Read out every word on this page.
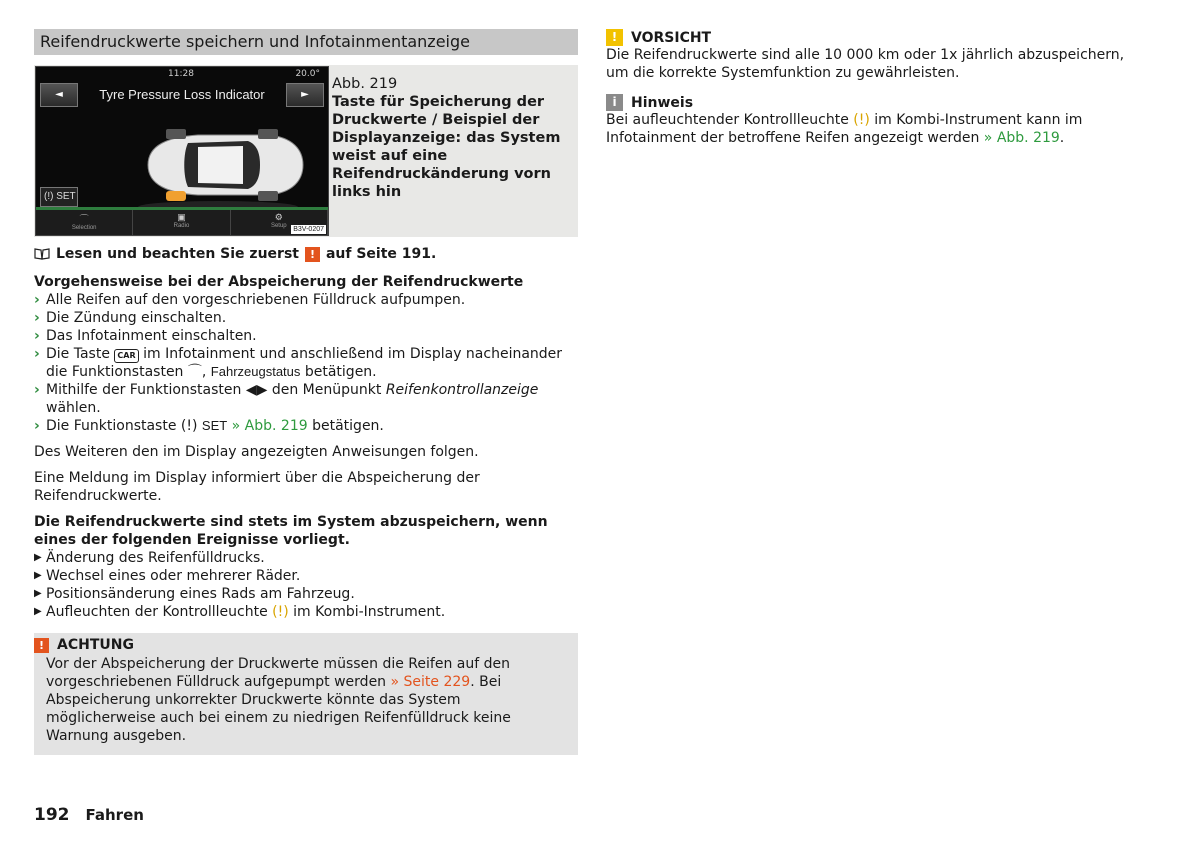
Reifendruckwerte speichern und Infotainmentanzeige
11:28	20.0°
◄	Tyre Pressure Loss Indicator	►
(!) SET
⌒
Selection
▣
Radio
⚙
Setup B3V-0207
Abb. 219
Taste für Speicherung der Druckwerte / Beispiel der Displayanzeige: das System weist auf eine Reifendruckänderung vorn links hin
Lesen und beachten Sie zuerst ! auf Seite 191.

Vorgehensweise bei der Abspeicherung der Reifendruckwerte

› Alle Reifen auf den vorgeschriebenen Fülldruck aufpumpen.
› Die Zündung einschalten.
› Das Infotainment einschalten.
› Die Taste CAR im Infotainment und anschließend im Display nacheinander die Funktionstasten ⌒, Fahrzeugstatus betätigen.
› Mithilfe der Funktionstasten ◀▶ den Menüpunkt Reifenkontrollanzeige wählen.
› Die Funktionstaste (!) SET » Abb. 219 betätigen.

Des Weiteren den im Display angezeigten Anweisungen folgen.

Eine Meldung im Display informiert über die Abspeicherung der Reifendruckwerte.

Die Reifendruckwerte sind stets im System abzuspeichern, wenn eines der folgenden Ereignisse vorliegt.

▶ Änderung des Reifenfülldrucks.
▶ Wechsel eines oder mehrerer Räder.
▶ Positionsänderung eines Rads am Fahrzeug.
▶ Aufleuchten der Kontrollleuchte (!) im Kombi-Instrument.
! ACHTUNG

Vor der Abspeicherung der Druckwerte müssen die Reifen auf den vorgeschriebenen Fülldruck aufgepumpt werden » Seite 229. Bei Abspeicherung unkorrekter Druckwerte könnte das System möglicherweise auch bei einem zu niedrigen Reifenfülldruck keine Warnung ausgeben.

! VORSICHT

Die Reifendruckwerte sind alle 10 000 km oder 1x jährlich abzuspeichern, um die korrekte Systemfunktion zu gewährleisten.

i	Hinweis

Bei aufleuchtender Kontrollleuchte (!) im Kombi-Instrument kann im Infotainment der betroffene Reifen angezeigt werden » Abb. 219.

192 Fahren
